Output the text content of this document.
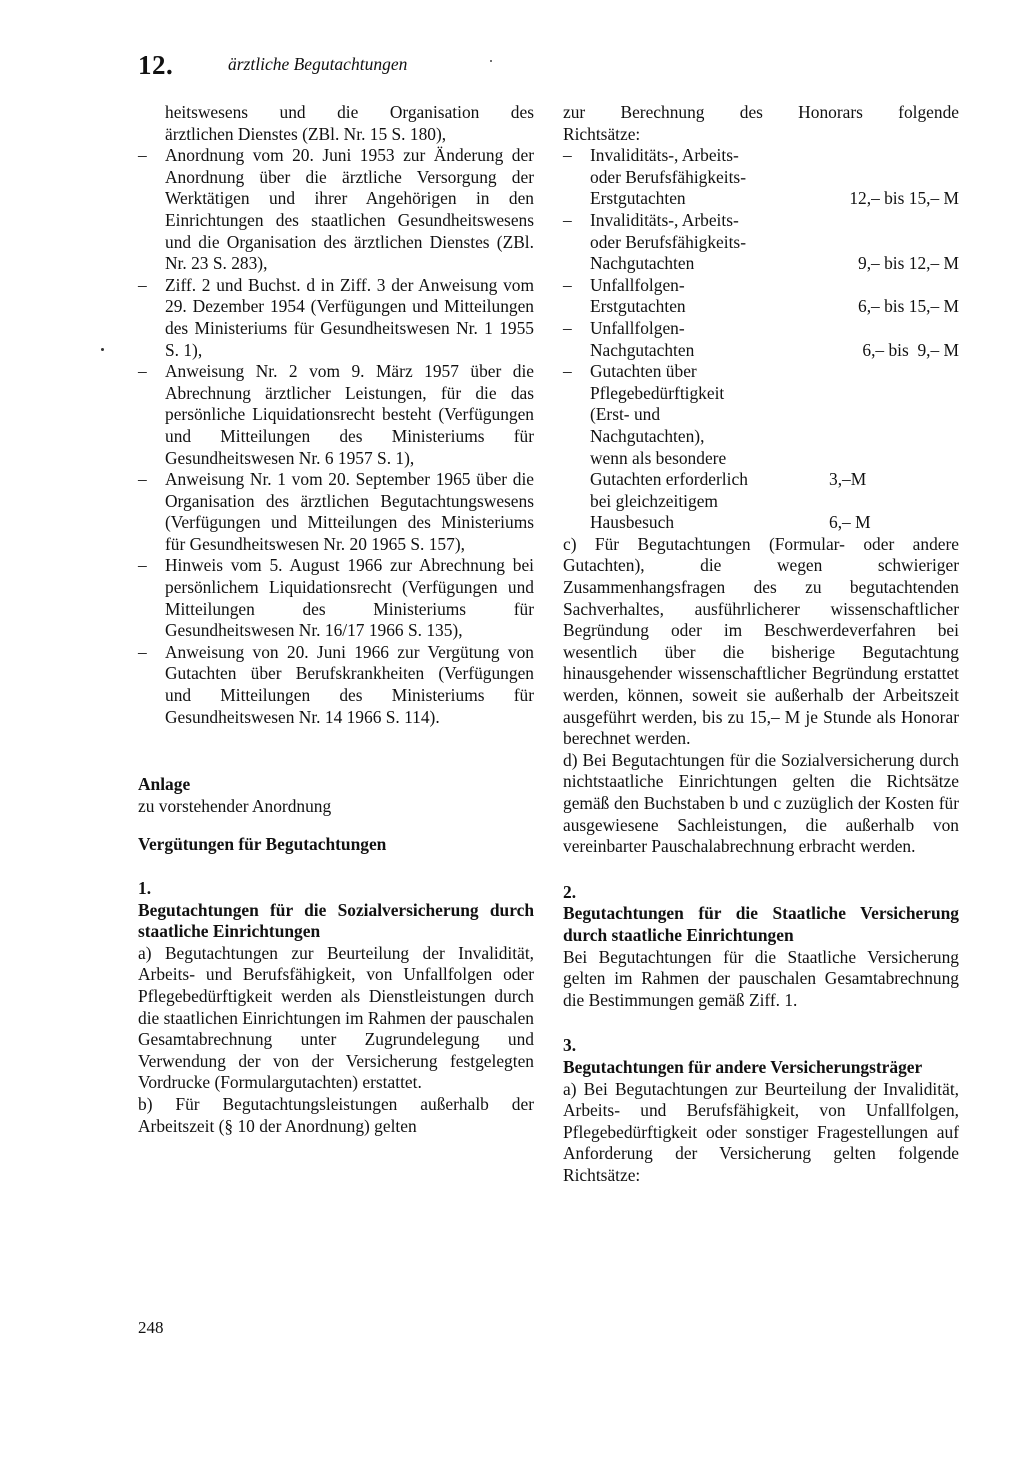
12.	ärztliche Begutachtungen

heitswesens und die Organisation des

ärztlichen Dienstes (ZBl. Nr. 15 S. 180),

– Anordnung vom 20. Juni 1953 zur Änderung der Anordnung über die ärztliche Versorgung der Werktätigen und ihrer Angehörigen in den Einrichtungen des staatlichen Gesundheitswesens und die Organisation des ärztlichen Dienstes (ZBl. Nr. 23 S. 283),
– Ziff. 2 und Buchst. d in Ziff. 3 der Anweisung vom 29. Dezember 1954 (Verfügungen und Mitteilungen des Ministeriums für Gesundheitswesen Nr. 1 1955 S. 1),
– Anweisung Nr. 2 vom 9. März 1957 über die Abrechnung ärztlicher Leistungen, für die das persönliche Liquidationsrecht besteht (Verfügungen und Mitteilungen des Ministeriums für Gesundheitswesen Nr. 6 1957 S. 1),
– Anweisung Nr. 1 vom 20. September 1965 über die Organisation des ärztlichen Begutachtungswesens (Verfügungen und Mitteilungen des Ministeriums für Gesundheitswesen Nr. 20 1965 S. 157),
– Hinweis vom 5. August 1966 zur Abrechnung bei persönlichem Liquidationsrecht (Verfügungen und Mitteilungen des Ministeriums für Gesundheitswesen Nr. 16/17 1966 S. 135),
– Anweisung von 20. Juni 1966 zur Vergütung von Gutachten über Berufskrankheiten (Verfügungen und Mitteilungen des Ministeriums für Gesundheitswesen Nr. 14 1966 S. 114).

Anlage

zu vorstehender Anordnung

Vergütungen für Begutachtungen

1.

Begutachtungen für die Sozialversicherung durch staatliche Einrichtungen

a) Begutachtungen zur Beurteilung der Invalidität, Arbeits- und Berufsfähigkeit, von Unfallfolgen oder Pflegebedürftigkeit werden als Dienstleistungen durch die staatlichen Einrichtungen im Rahmen der pauschalen Gesamtabrechnung unter Zugrundelegung und Verwendung der von der Versicherung festgelegten Vordrucke (Formulargutachten) erstattet.

b) Für Begutachtungsleistungen außerhalb der Arbeitszeit (§ 10 der Anordnung) gelten

zur Berechnung des Honorars folgende

Richtsätze:

– Invaliditäts-, Arbeits-
oder Berufsfähigkeits-
Erstgutachten	12,– bis 15,– M
– Invaliditäts-, Arbeits-
oder Berufsfähigkeits-
Nachgutachten	9,– bis 12,– M
– Unfallfolgen-
Erstgutachten	6,– bis 15,– M
– Unfallfolgen-
Nachgutachten	6,– bis  9,– M
– Gutachten über
Pflegebedürftigkeit
(Erst- und
Nachgutachten),
wenn als besondere
Gutachten erforderlich	3,–M
bei gleichzeitigem
Hausbesuch	6,– M

c) Für Begutachtungen (Formular- oder andere Gutachten), die wegen schwieriger Zusammenhangsfragen des zu begutachtenden Sachverhaltes, ausführlicherer wissenschaftlicher Begründung oder im Beschwerdeverfahren bei wesentlich über die bisherige Begutachtung hinausgehender wissenschaftlicher Begründung erstattet werden, können, soweit sie außerhalb der Arbeitszeit ausgeführt werden, bis zu 15,– M je Stunde als Honorar berechnet werden.

d) Bei Begutachtungen für die Sozialversicherung durch nichtstaatliche Einrichtungen gelten die Richtsätze gemäß den Buchstaben b und c zuzüglich der Kosten für ausgewiesene Sachleistungen, die außerhalb von vereinbarter Pauschalabrechnung erbracht werden.

2.

Begutachtungen für die Staatliche Versicherung durch staatliche Einrichtungen

Bei Begutachtungen für die Staatliche Versicherung gelten im Rahmen der pauschalen Gesamtabrechnung die Bestimmungen gemäß Ziff. 1.

3.

Begutachtungen für andere Versicherungsträger

a) Bei Begutachtungen zur Beurteilung der Invalidität, Arbeits- und Berufsfähigkeit, von Unfallfolgen, Pflegebedürftigkeit oder sonstiger Fragestellungen auf Anforderung der Versicherung gelten folgende Richtsätze:

248
